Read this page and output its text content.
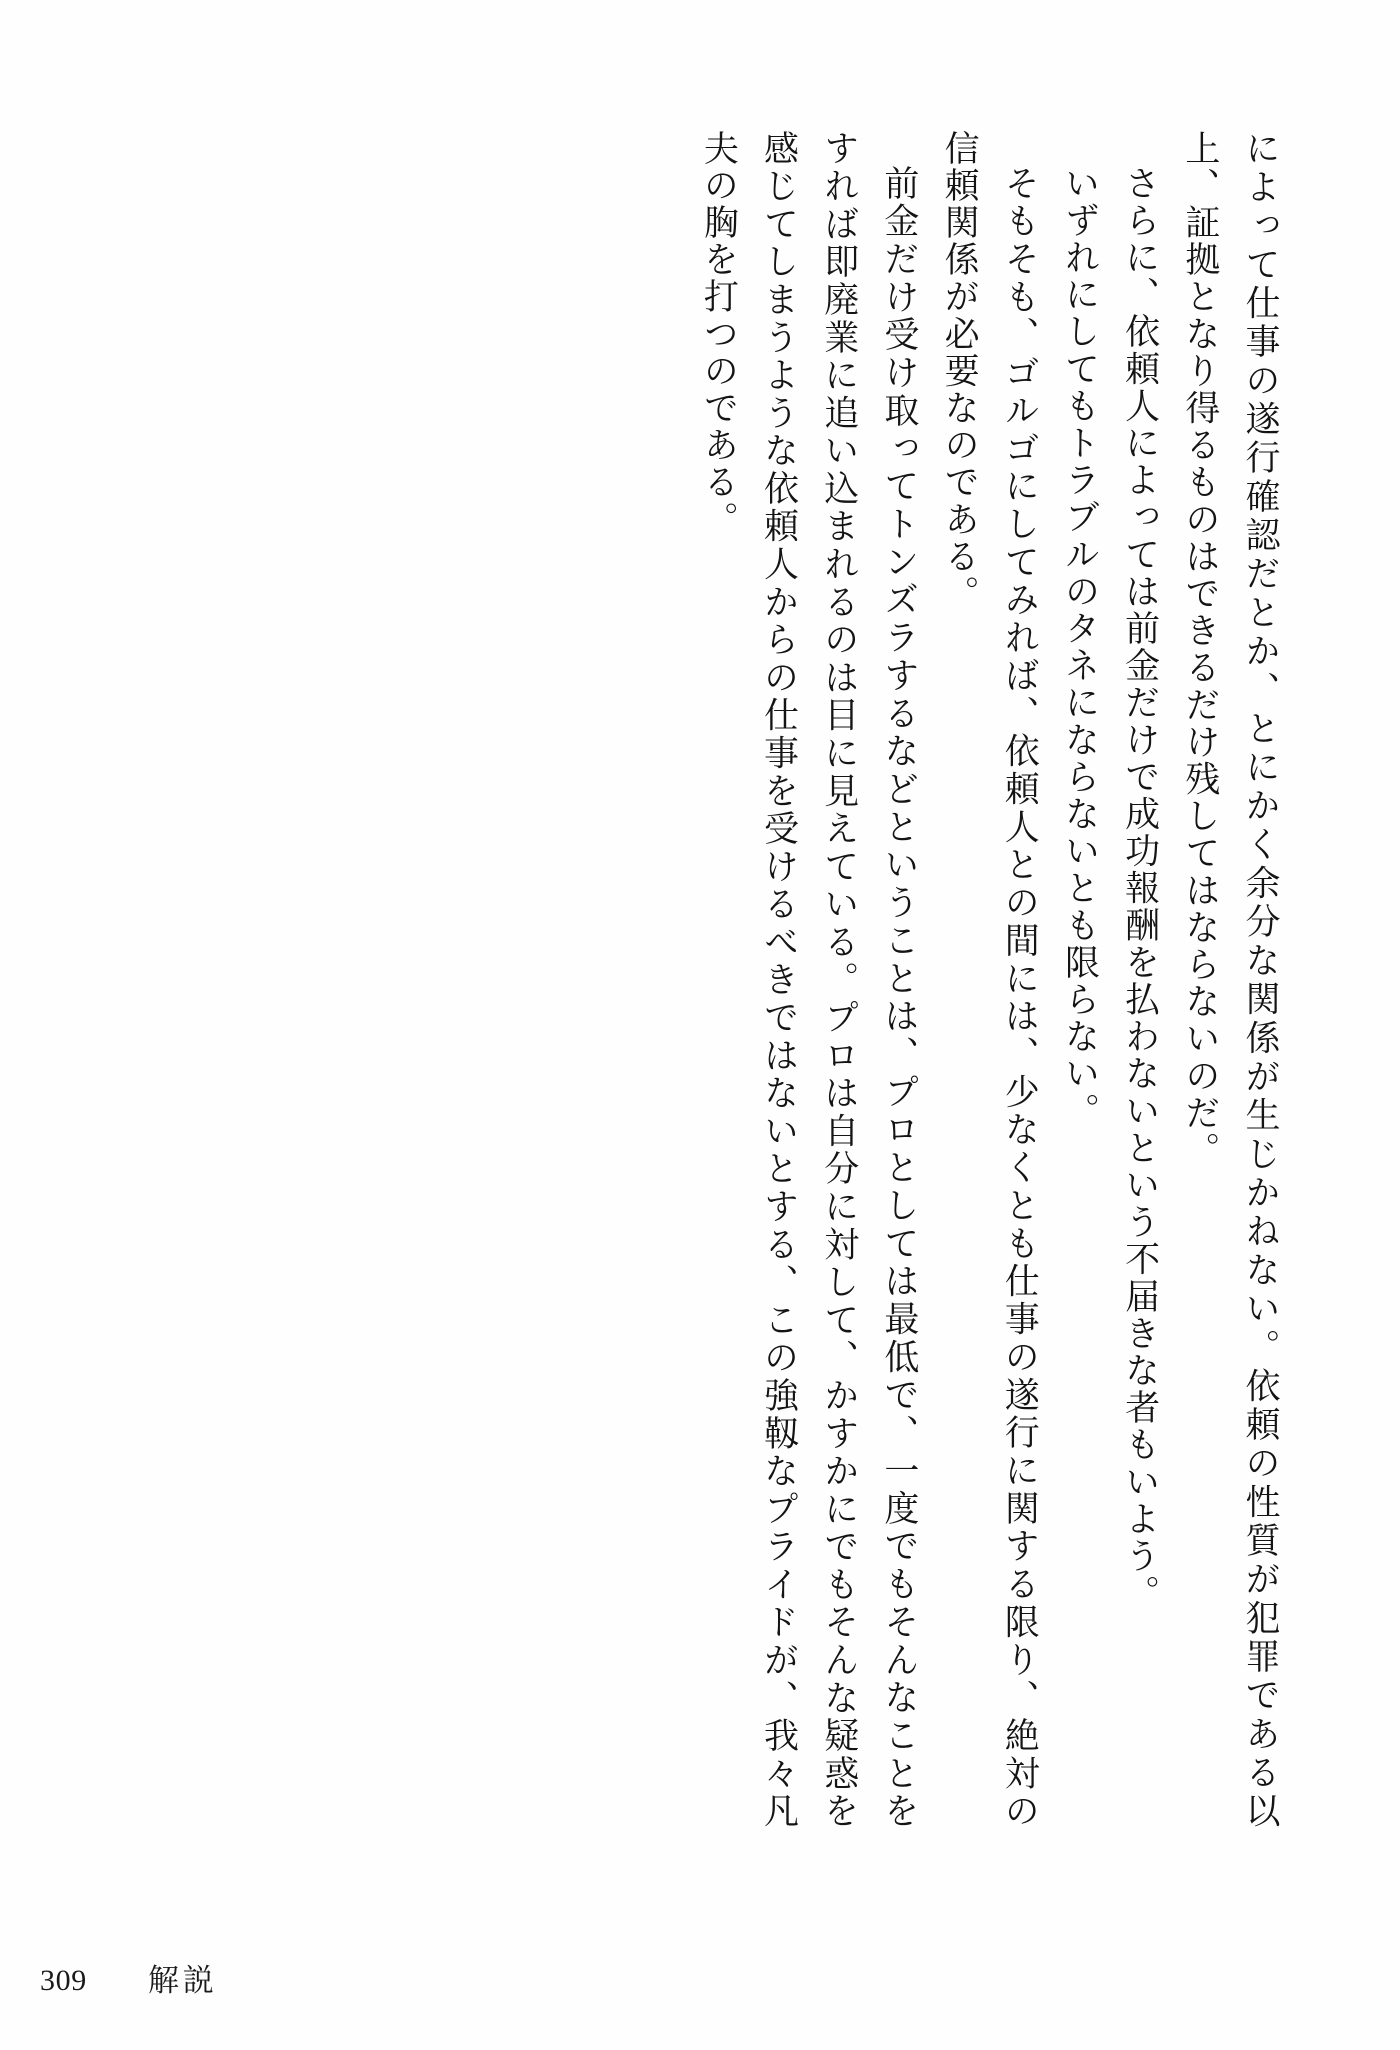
によって仕事の遂行確認だとか、とにかく余分な関係が生じかねない。依頼の性質が犯罪である以上、証拠となり得るものはできるだけ残してはならないのだ。

さらに、依頼人によっては前金だけで成功報酬を払わないという不届きな者もいよう。

いずれにしてもトラブルのタネにならないとも限らない。

そもそも、ゴルゴにしてみれば、依頼人との間には、少なくとも仕事の遂行に関する限り、絶対の信頼関係が必要なのである。

前金だけ受け取ってトンズラするなどということは、プロとしては最低で、一度でもそんなことをすれば即廃業に追い込まれるのは目に見えている。プロは自分に対して、かすかにでもそんな疑惑を感じてしまうような依頼人からの仕事を受けるべきではないとする、この強靱なプライドが、我々凡夫の胸を打つのである。

309 解説
